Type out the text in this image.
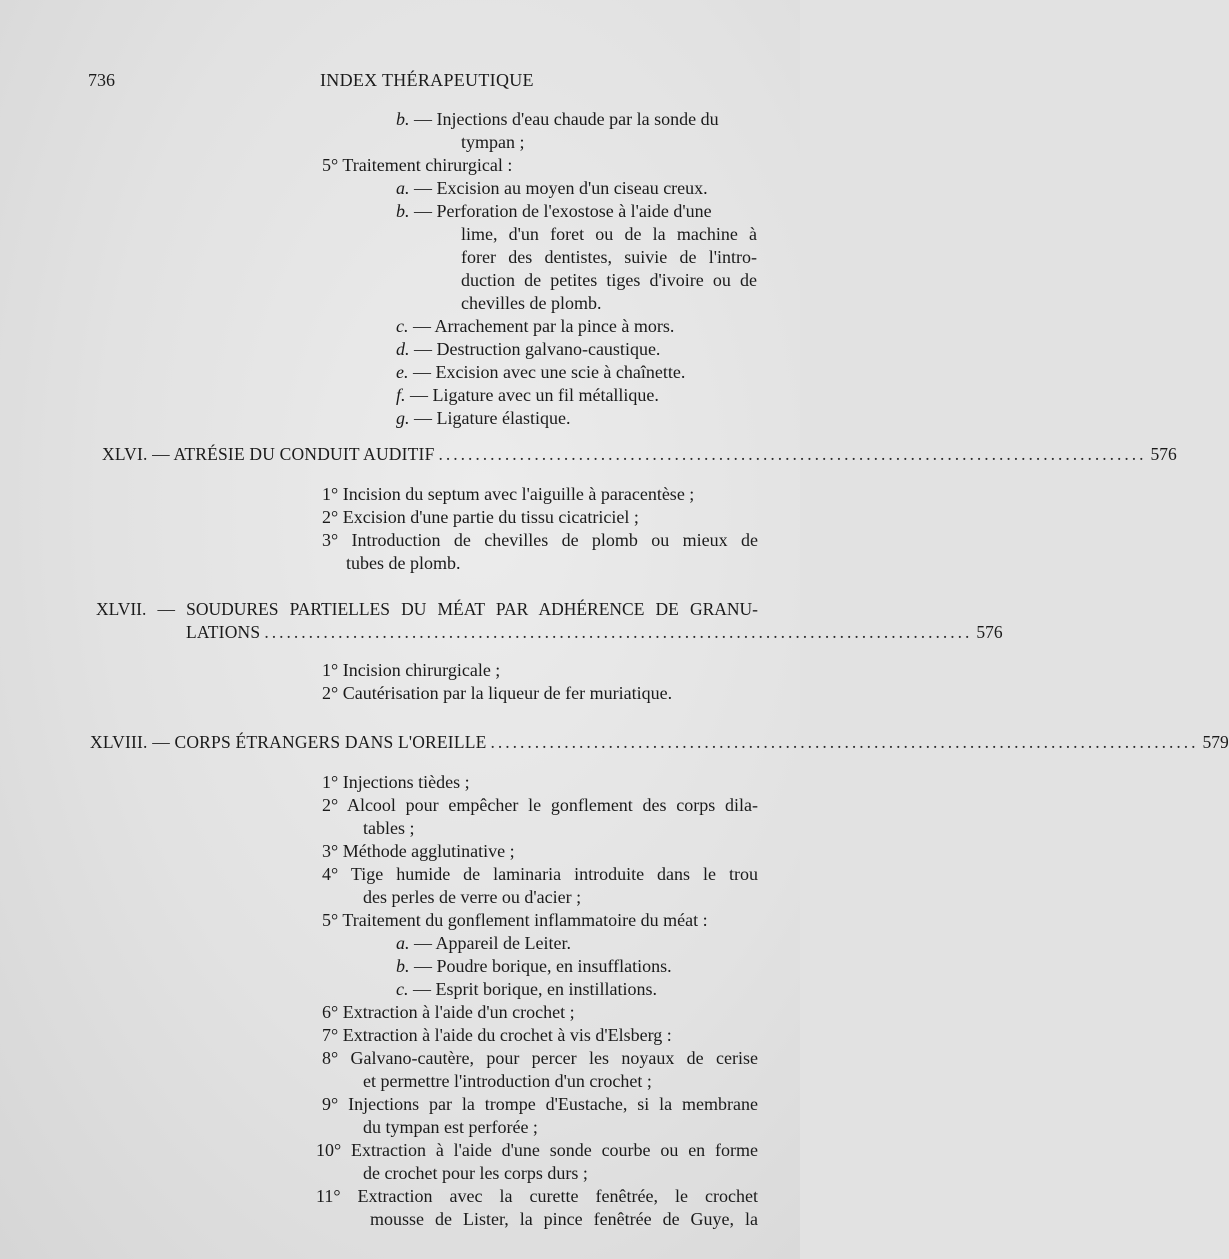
736	INDEX THÉRAPEUTIQUE
b. — Injections d'eau chaude par la sonde du
tympan ;
5° Traitement chirurgical :
a. — Excision au moyen d'un ciseau creux.
b. — Perforation de l'exostose à l'aide d'une
lime, d'un foret ou de la machine à
forer des dentistes, suivie de l'intro-
duction de petites tiges d'ivoire ou de
chevilles de plomb.
c. — Arrachement par la pince à mors.
d. — Destruction galvano-caustique.
e. — Excision avec une scie à chaînette.
f. — Ligature avec un fil métallique.
g. — Ligature élastique.
XLVI. — ATRÉSIE DU CONDUIT AUDITIF ................................................................................................ 576
1° Incision du septum avec l'aiguille à paracentèse ;
2° Excision d'une partie du tissu cicatriciel ;
3° Introduction de chevilles de plomb ou mieux de
tubes de plomb.
XLVII. — SOUDURES PARTIELLES DU MÉAT PAR ADHÉRENCE DE GRANU-
LATIONS ................................................................................................ 576
1° Incision chirurgicale ;
2° Cautérisation par la liqueur de fer muriatique.
XLVIII. — CORPS ÉTRANGERS DANS L'OREILLE ................................................................................................ 579
1° Injections tièdes ;
2° Alcool pour empêcher le gonflement des corps dila-
tables ;
3° Méthode agglutinative ;
4° Tige humide de laminaria introduite dans le trou
des perles de verre ou d'acier ;
5° Traitement du gonflement inflammatoire du méat :
a. — Appareil de Leiter.
b. — Poudre borique, en insufflations.
c. — Esprit borique, en instillations.
6° Extraction à l'aide d'un crochet ;
7° Extraction à l'aide du crochet à vis d'Elsberg :
8° Galvano-cautère, pour percer les noyaux de cerise
et permettre l'introduction d'un crochet ;
9° Injections par la trompe d'Eustache, si la membrane
du tympan est perforée ;
10° Extraction à l'aide d'une sonde courbe ou en forme
de crochet pour les corps durs ;
11° Extraction avec la curette fenêtrée, le crochet
mousse de Lister, la pince fenêtrée de Guye, la
